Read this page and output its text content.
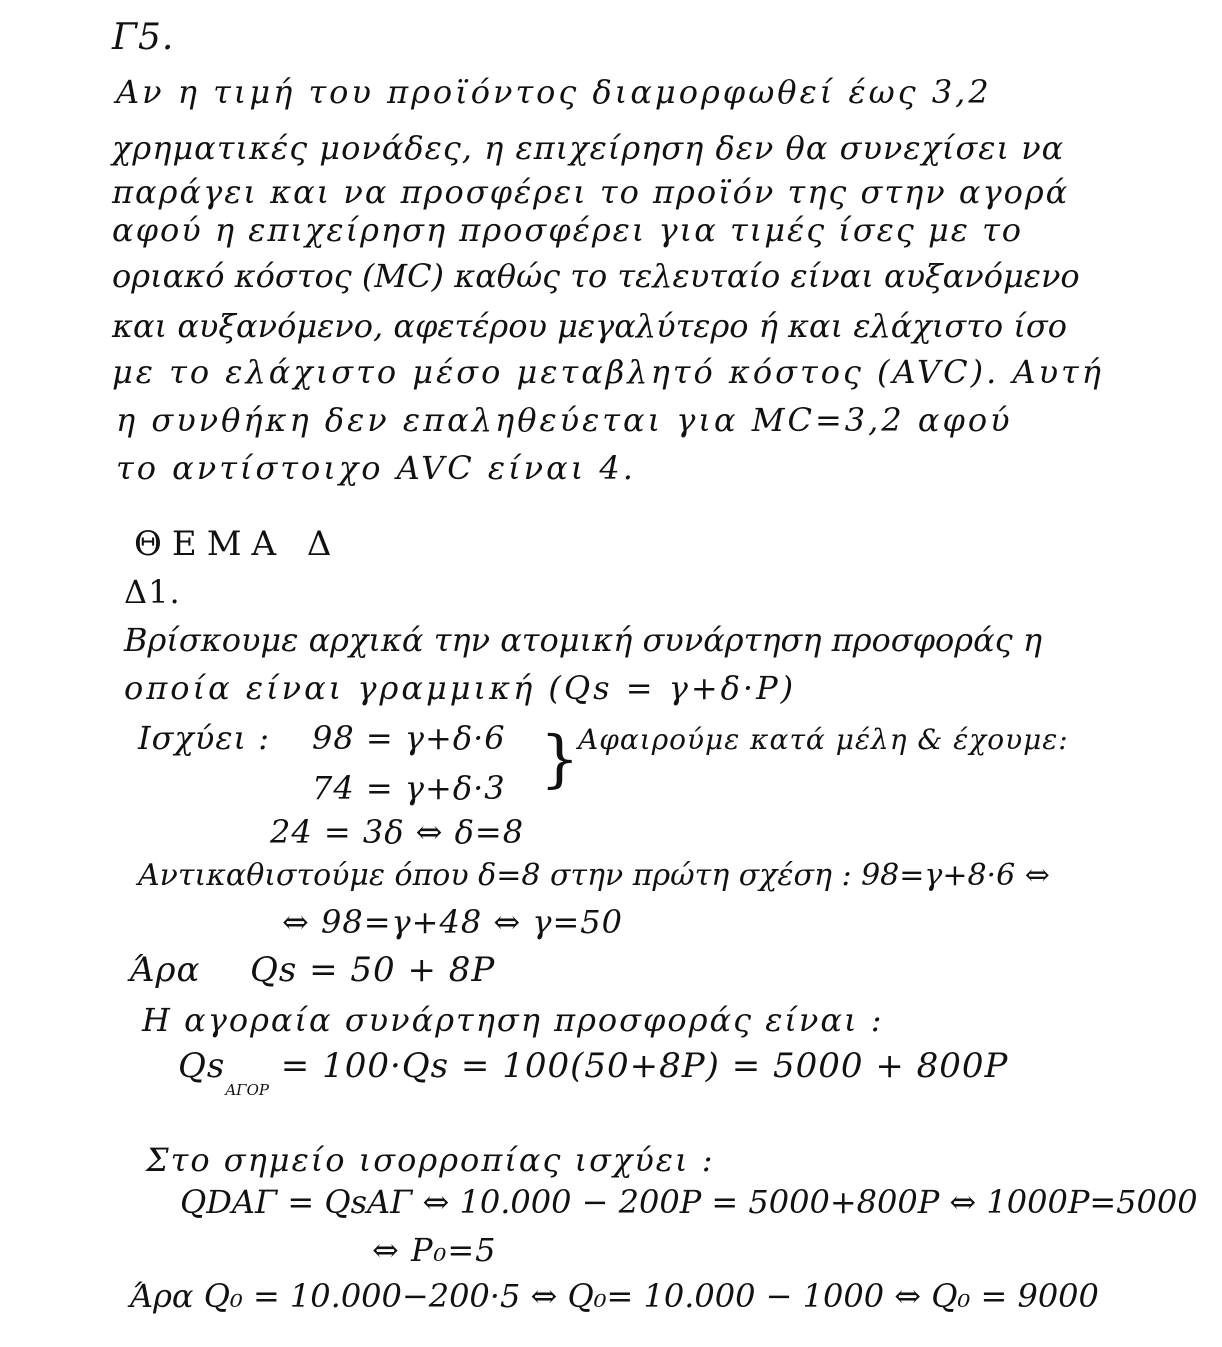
Γ5.
Αν η τιμή του προϊόντος διαμορφωθεί έως 3,2
χρηματικές μονάδες, η επιχείρηση δεν θα συνεχίσει να
παράγει και να προσφέρει το προϊόν της στην αγορά
αφού η επιχείρηση προσφέρει για τιμές ίσες με το
οριακό κόστος (MC) καθώς το τελευταίο είναι αυξανόμενο
και αυξανόμενο, αφετέρου μεγαλύτερο ή και ελάχιστο ίσο
με το ελάχιστο μέσο μεταβλητό κόστος (AVC). Αυτή
η συνθήκη δεν επαληθεύεται για MC=3,2 αφού
το αντίστοιχο AVC είναι 4.
ΘΕΜΑ Δ
Δ1.
Βρίσκουμε αρχικά την ατομική συνάρτηση προσφοράς η
οποία είναι γραμμική (Qs = γ+δ·P)
Ισχύει : 98 = γ+δ·6 }
Αφαιρούμε κατά μέλη & έχουμε:
74 = γ+δ·3
24 = 3δ ⇔ δ=8
Αντικαθιστούμε όπου δ=8 στην πρώτη σχέση : 98=γ+8·6 ⇔
⇔ 98=γ+48 ⇔ γ=50
Άρα Qs = 50 + 8P
Η αγοραία συνάρτηση προσφοράς είναι :
$Qs_{A\Gamma OP} = 100\cdot Qs = 100(50+8P) = 5000 + 800P$
Στο σημείο ισορροπίας ισχύει :
QDΑΓ = QsΑΓ ⇔ 10.000 − 200P = 5000+800P ⇔ 1000P=5000
⇔ P₀=5
Άρα Q₀ = 10.000−200·5 ⇔ Q₀= 10.000 − 1000 ⇔ Q₀ = 9000
